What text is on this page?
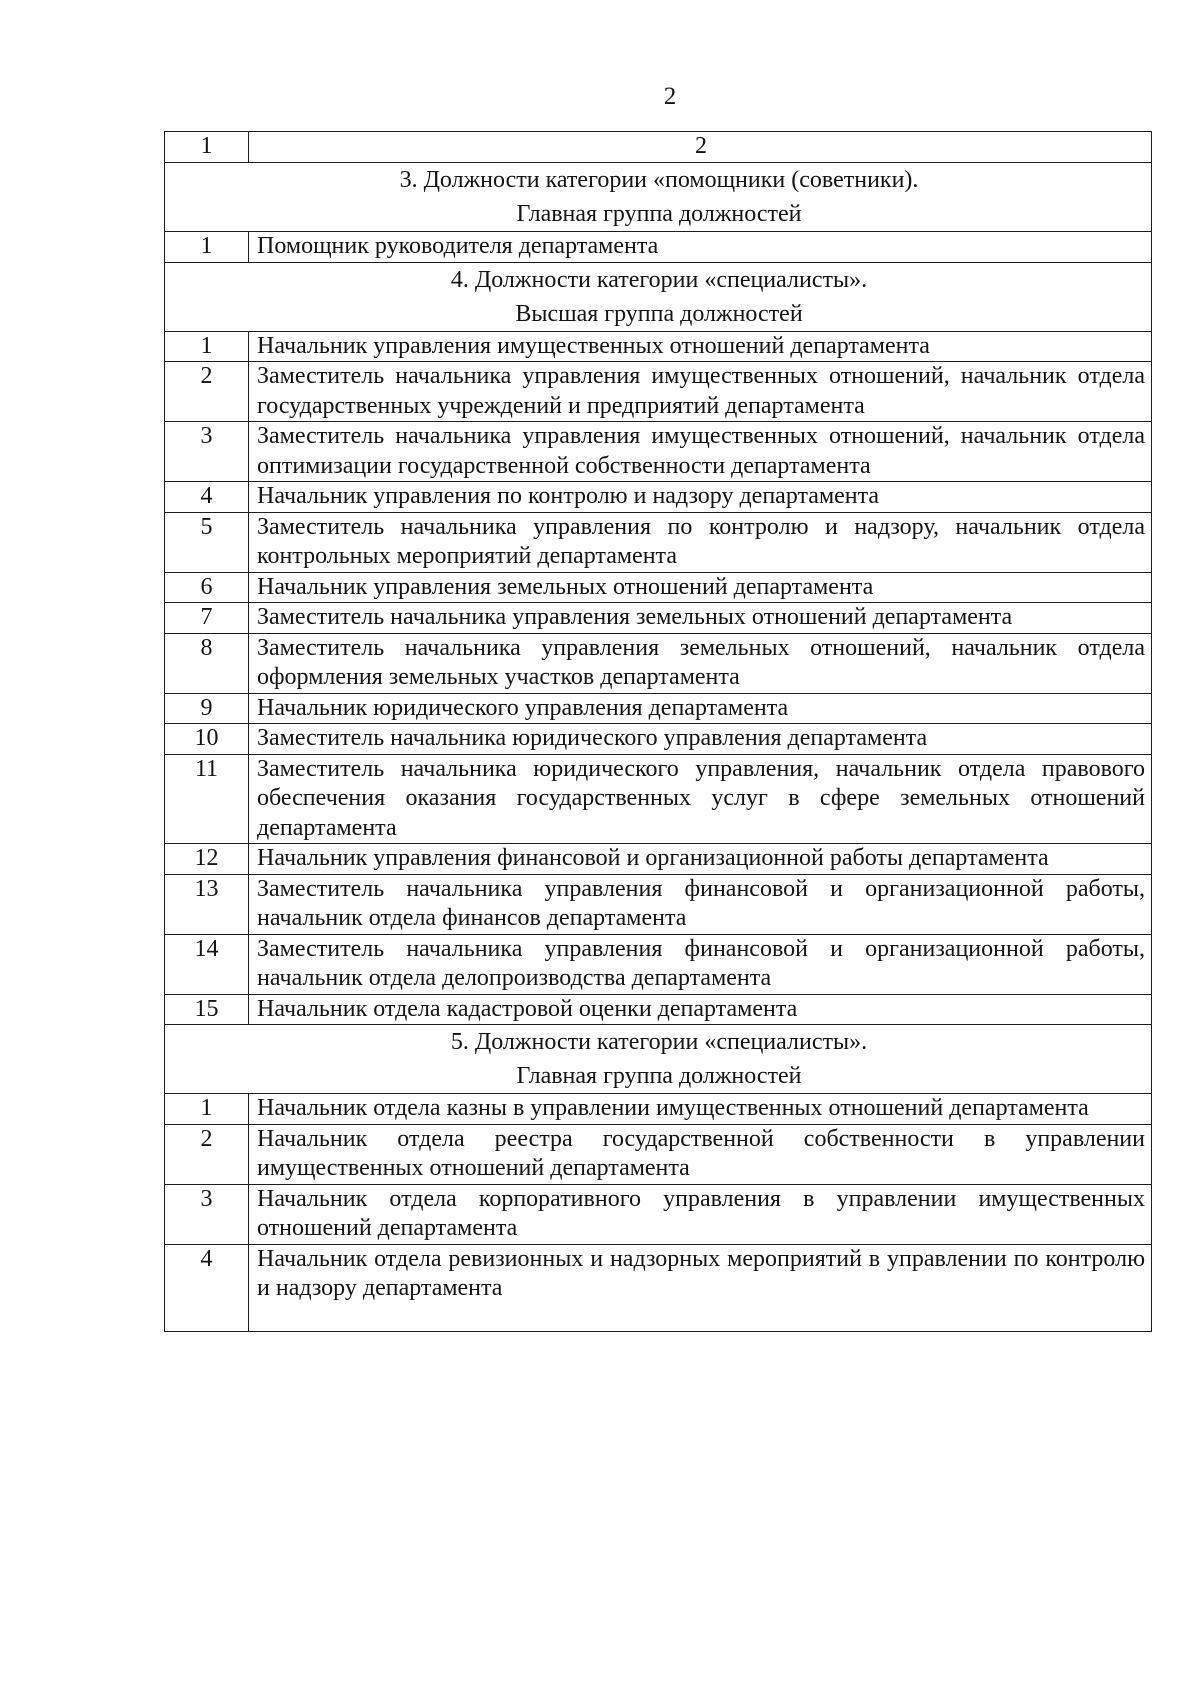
2
1	2

3. Должности категории «помощники (советники).
Главная группа должностей	

1	Помощник руководителя департамента

4. Должности категории «специалисты».
Высшая группа должностей	

1	Начальник управления имущественных отношений департамента
2	Заместитель начальника управления имущественных отношений, начальник отдела государственных учреждений и предприятий департамента
3	Заместитель начальника управления имущественных отношений, начальник отдела оптимизации государственной собственности департамента
4	Начальник управления по контролю и надзору департамента
5	Заместитель начальника управления по контролю и надзору, начальник отдела контрольных мероприятий департамента
6	Начальник управления земельных отношений департамента
7	Заместитель начальника управления земельных отношений департамента
8	Заместитель начальника управления земельных отношений, начальник отдела оформления земельных участков департамента
9	Начальник юридического управления департамента
10	Заместитель начальника юридического управления департамента
11	Заместитель начальника юридического управления, начальник отдела правового обеспечения оказания государственных услуг в сфере земельных отношений департамента
12	Начальник управления финансовой и организационной работы департамента
13	Заместитель начальника управления финансовой и организационной работы, начальник отдела финансов департамента
14	Заместитель начальника управления финансовой и организационной работы, начальник отдела делопроизводства департамента
15	Начальник отдела кадастровой оценки департамента

5. Должности категории «специалисты».
Главная группа должностей	

1	Начальник отдела казны в управлении имущественных отношений департамента
2	Начальник отдела реестра государственной собственности в управлении имущественных отношений департамента
3	Начальник отдела корпоративного управления в управлении имущественных отношений департамента
4	Начальник отдела ревизионных и надзорных мероприятий в управлении по контролю и надзору департамента
